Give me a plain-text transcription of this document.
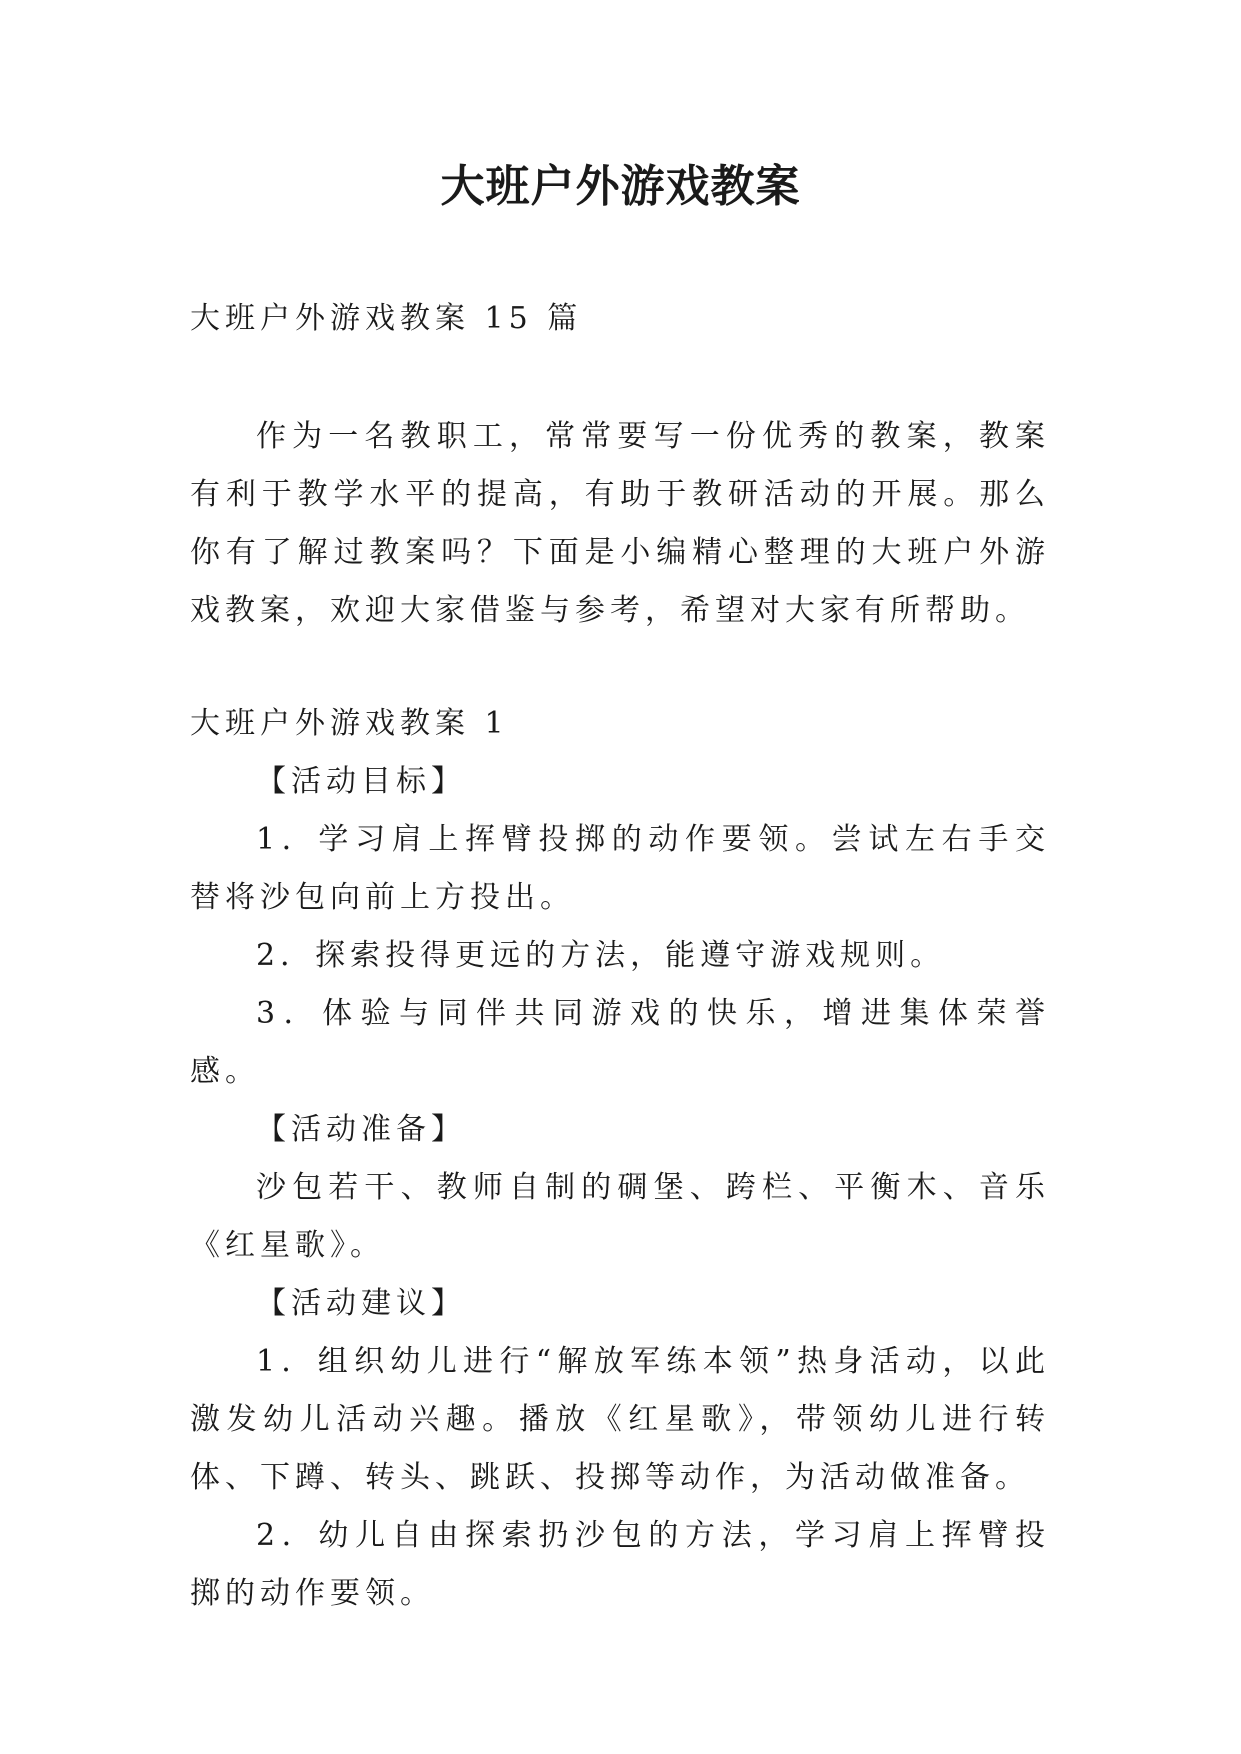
大班户外游戏教案

大班户外游戏教案 15 篇

作为一名教职工，常常要写一份优秀的教案，教案有利于教学水平的提高，有助于教研活动的开展。那么你有了解过教案吗？下面是小编精心整理的大班户外游戏教案，欢迎大家借鉴与参考，希望对大家有所帮助。

大班户外游戏教案 1

【活动目标】

1．学习肩上挥臂投掷的动作要领。尝试左右手交替将沙包向前上方投出。

2．探索投得更远的方法，能遵守游戏规则。

3．体验与同伴共同游戏的快乐，增进集体荣誉感。

【活动准备】

沙包若干、教师自制的碉堡、跨栏、平衡木、音乐《红星歌》。

【活动建议】

1．组织幼儿进行“解放军练本领”热身活动，以此激发幼儿活动兴趣。播放《红星歌》，带领幼儿进行转体、下蹲、转头、跳跃、投掷等动作，为活动做准备。

2．幼儿自由探索扔沙包的方法，学习肩上挥臂投掷的动作要领。
